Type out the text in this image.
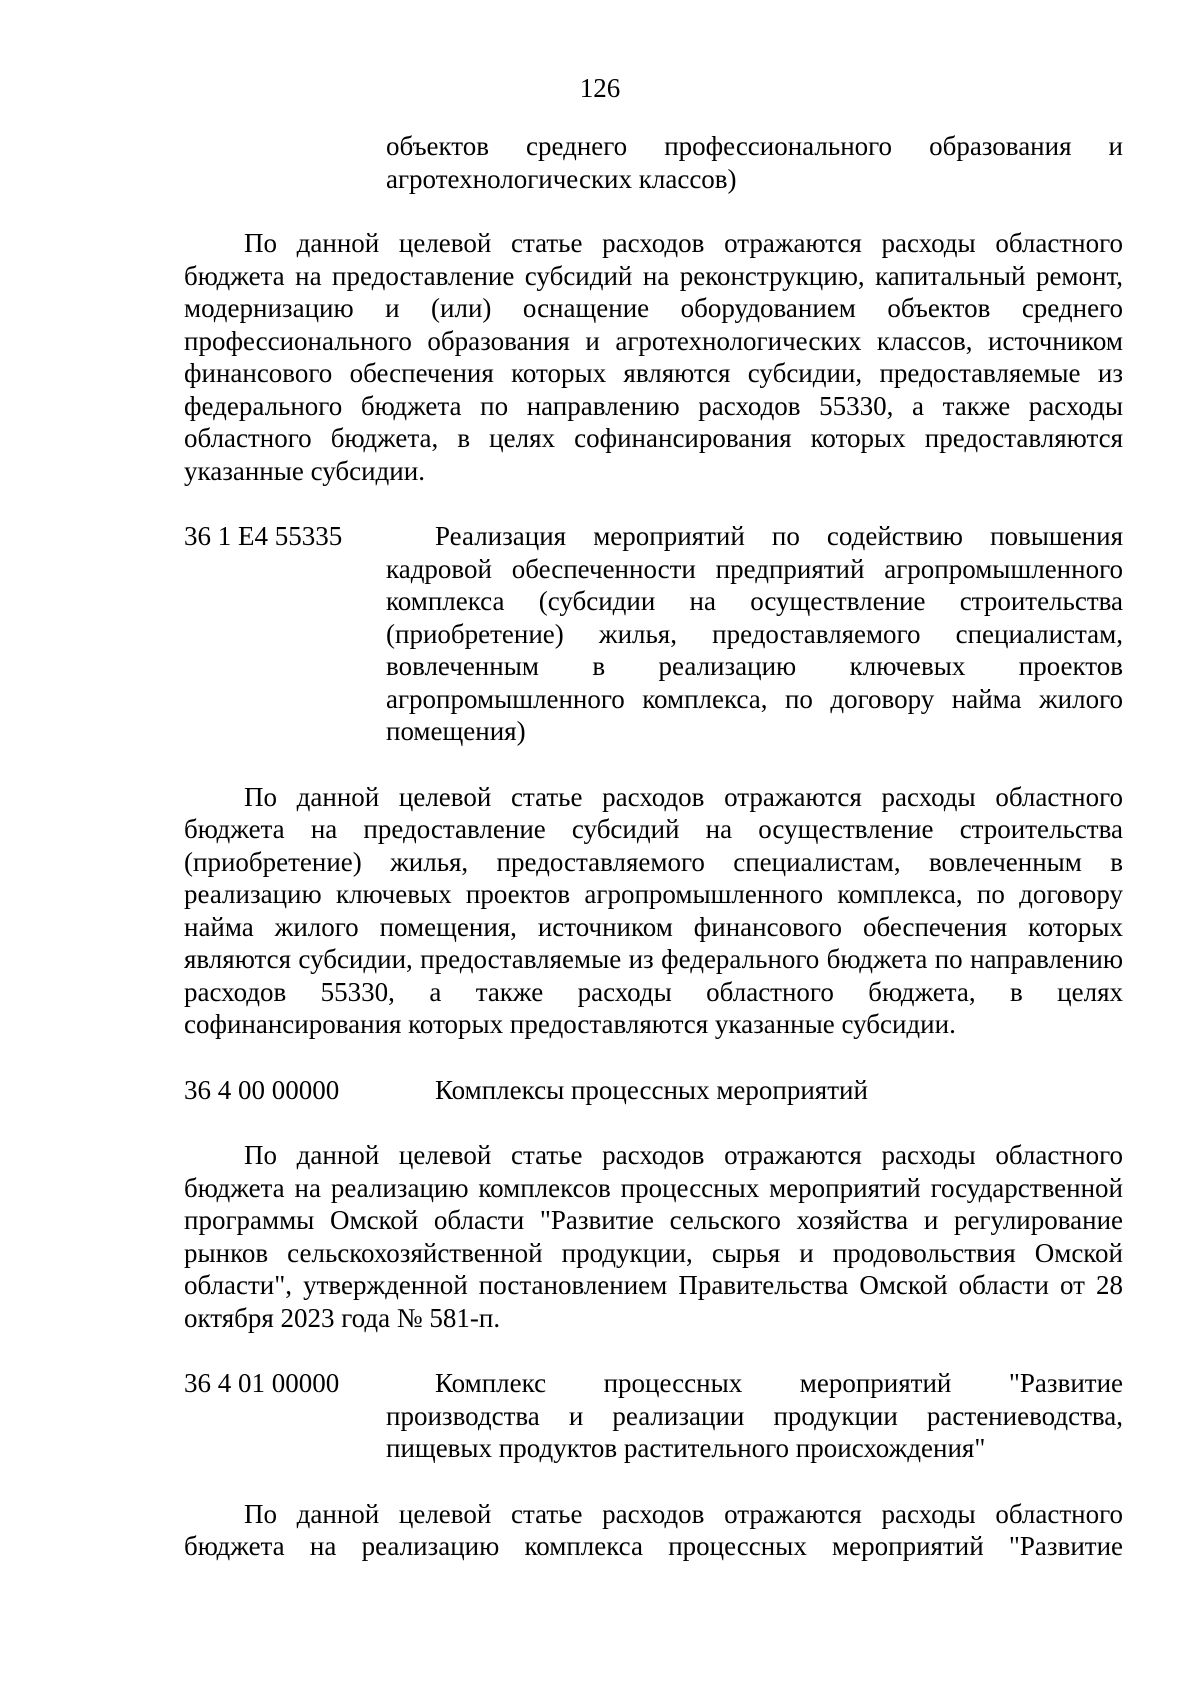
126

объектов среднего профессионального образования и агротехнологических классов)

По данной целевой статье расходов отражаются расходы областного бюджета на предоставление субсидий на реконструкцию, капитальный ремонт, модернизацию и (или) оснащение оборудованием объектов среднего профессионального образования и агротехнологических классов, источником финансового обеспечения которых являются субсидии, предоставляемые из федерального бюджета по направлению расходов 55330, а также расходы областного бюджета, в целях софинансирования которых предоставляются указанные субсидии.

36 1 Е4 55335	Реализация мероприятий по содействию повышения кадровой обеспеченности предприятий агропромышленного комплекса (субсидии на осуществление строительства (приобретение) жилья, предоставляемого специалистам, вовлеченным в реализацию ключевых проектов агропромышленного комплекса, по договору найма жилого помещения)

По данной целевой статье расходов отражаются расходы областного бюджета на предоставление субсидий на осуществление строительства (приобретение) жилья, предоставляемого специалистам, вовлеченным в реализацию ключевых проектов агропромышленного комплекса, по договору найма жилого помещения, источником финансового обеспечения которых являются субсидии, предоставляемые из федерального бюджета по направлению расходов 55330, а также расходы областного бюджета, в целях софинансирования которых предоставляются указанные субсидии.

36 4 00 00000	Комплексы процессных мероприятий

По данной целевой статье расходов отражаются расходы областного бюджета на реализацию комплексов процессных мероприятий государственной программы Омской области "Развитие сельского хозяйства и регулирование рынков сельскохозяйственной продукции, сырья и продовольствия Омской области", утвержденной постановлением Правительства Омской области от 28 октября 2023 года № 581-п.

36 4 01 00000	Комплекс процессных мероприятий "Развитие производства и реализации продукции растениеводства, пищевых продуктов растительного происхождения"

По данной целевой статье расходов отражаются расходы областного бюджета на реализацию комплекса процессных мероприятий "Развитие
